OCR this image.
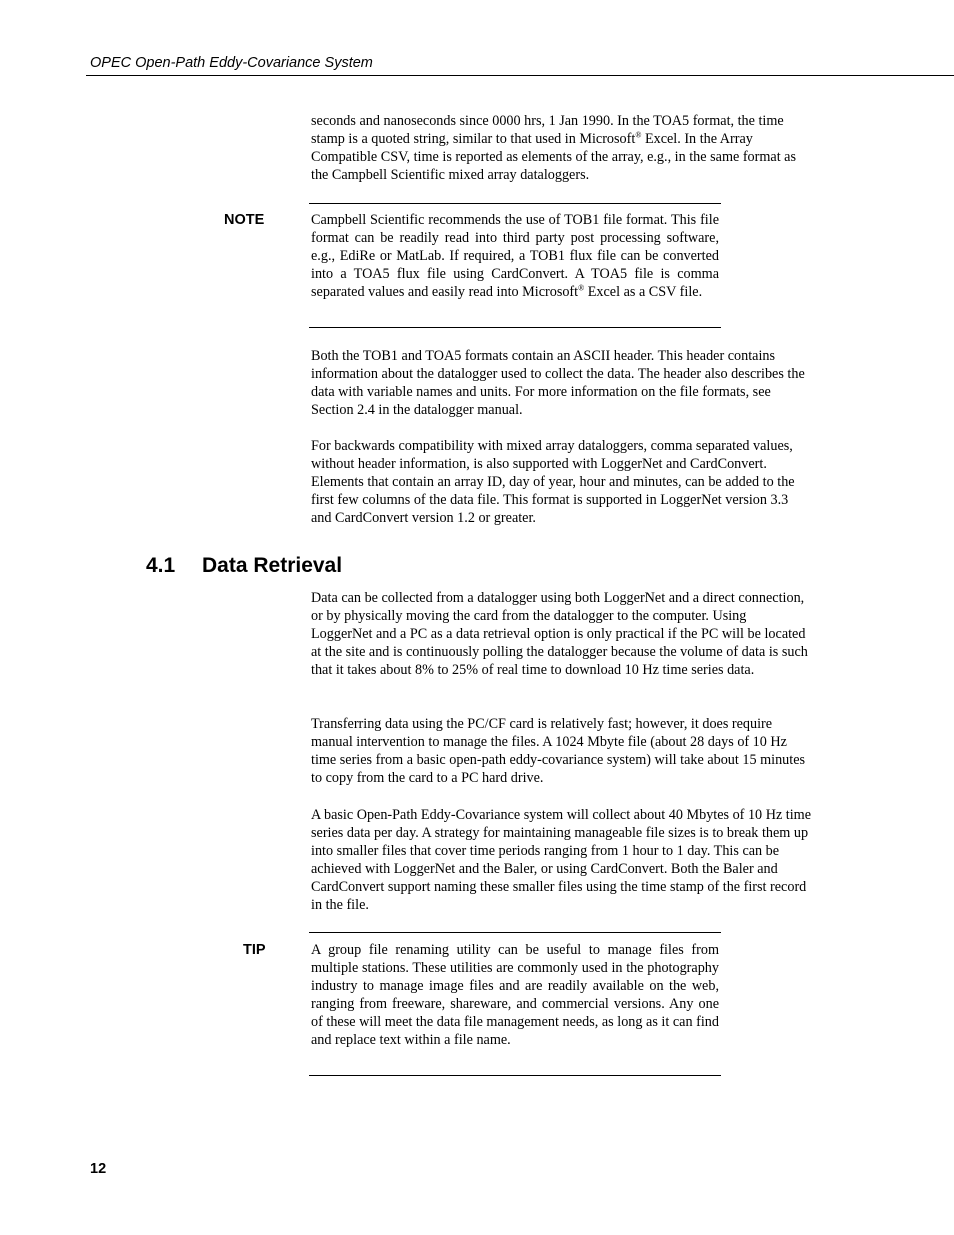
OPEC Open-Path Eddy-Covariance System

seconds and nanoseconds since 0000 hrs, 1 Jan 1990. In the TOA5 format, the time stamp is a quoted string, similar to that used in Microsoft® Excel. In the Array Compatible CSV, time is reported as elements of the array, e.g., in the same format as the Campbell Scientific mixed array dataloggers.

NOTE	Campbell Scientific recommends the use of TOB1 file format. This file format can be readily read into third party post processing software, e.g., EdiRe or MatLab. If required, a TOB1 flux file can be converted into a TOA5 flux file using CardConvert. A TOA5 file is comma separated values and easily read into Microsoft® Excel as a CSV file.

Both the TOB1 and TOA5 formats contain an ASCII header. This header contains information about the datalogger used to collect the data. The header also describes the data with variable names and units. For more information on the file formats, see Section 2.4 in the datalogger manual.

For backwards compatibility with mixed array dataloggers, comma separated values, without header information, is also supported with LoggerNet and CardConvert. Elements that contain an array ID, day of year, hour and minutes, can be added to the first few columns of the data file. This format is supported in LoggerNet version 3.3 and CardConvert version 1.2 or greater.

4.1 Data Retrieval

Data can be collected from a datalogger using both LoggerNet and a direct connection, or by physically moving the card from the datalogger to the computer. Using LoggerNet and a PC as a data retrieval option is only practical if the PC will be located at the site and is continuously polling the datalogger because the volume of data is such that it takes about 8% to 25% of real time to download 10 Hz time series data.

Transferring data using the PC/CF card is relatively fast; however, it does require manual intervention to manage the files. A 1024 Mbyte file (about 28 days of 10 Hz time series from a basic open-path eddy-covariance system) will take about 15 minutes to copy from the card to a PC hard drive.

A basic Open-Path Eddy-Covariance system will collect about 40 Mbytes of 10 Hz time series data per day. A strategy for maintaining manageable file sizes is to break them up into smaller files that cover time periods ranging from 1 hour to 1 day. This can be achieved with LoggerNet and the Baler, or using CardConvert. Both the Baler and CardConvert support naming these smaller files using the time stamp of the first record in the file.

TIP	A group file renaming utility can be useful to manage files from multiple stations. These utilities are commonly used in the photography industry to manage image files and are readily available on the web, ranging from freeware, shareware, and commercial versions. Any one of these will meet the data file management needs, as long as it can find and replace text within a file name.

12
